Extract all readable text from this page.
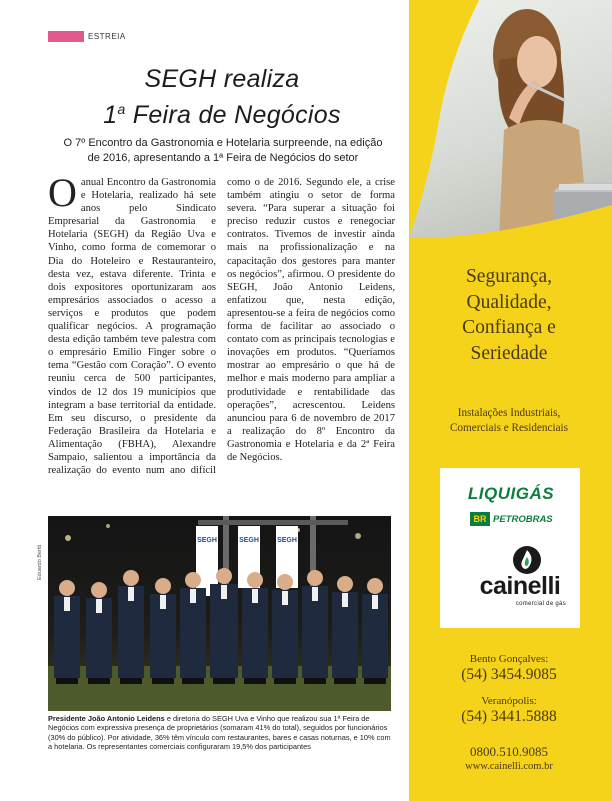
ESTREIA
SEGH realiza
1$^a$ Feira de Negócios

O 7º Encontro da Gastronomia e Hotelaria surpreende, na edição de 2016, apresentando a 1ª Feira de Negócios do setor

Oanual Encontro da Gastronomia e Hotelaria, realizado há sete anos pelo Sindicato Empresarial da Gastronomia e Hotelaria (SEGH) da Região Uva e Vinho, como forma de comemorar o Dia do Hoteleiro e Restauranteiro, desta vez, estava diferente. Trinta e dois expositores oportunizaram aos empresários associados o acesso a serviços e produtos que podem qualificar negócios. A programação desta edição também teve palestra com o empresário Emílio Finger sobre o tema “Gestão com Coração”. O evento reuniu cerca de 500 participantes, vindos de 12 dos 19 municípios que integram a base territorial da entidade. Em seu discurso, o presidente da Federação Brasileira da Hotelaria e Alimentação (FBHA), Alexandre Sampaio, salientou a importância da realização do evento num ano difícil como o de 2016. Segundo ele, a crise também atingiu o setor de forma severa. “Para superar a situação foi preciso reduzir custos e renegociar contratos. Tivemos de investir ainda mais na profissionalização e na capacitação dos gestores para manter os negócios”, afirmou. O presidente do SEGH, João Antonio Leidens, enfatizou que, nesta edição, apresentou-se a feira de negócios como forma de facilitar ao associado o contato com as principais tecnologias e inovações em produtos. “Queríamos mostrar ao empresário o que há de melhor e mais moderno para ampliar a produtividade e rentabilidade das operações”, acrescentou. Leidens anunciou para 6 de novembro de 2017 a realização do 8º Encontro da Gastronomia e Hotelaria e da 2ª Feira de Negócios.

Eduardo Bertti
SEGH	SEGH	SEGH

Presidente João Antonio Leidens e diretoria do SEGH Uva e Vinho que realizou sua 1ª Feira de Negócios com expressiva presença de proprietários (somaram 41% do total), seguidos por funcionários (30% do público). Por atividade, 36% têm vínculo com restaurantes, bares e casas noturnas, e 10% com a hotelaria. Os representantes comerciais configuraram 19,5% dos participantes

Segurança,
Qualidade,
Confiança e
Seriedade
Instalações Industriais,
Comerciais e Residenciais
LIQUIGÁS
BR PETROBRAS
cainelli
comercial de gás
Bento Gonçalves:
(54) 3454.9085
Veranópolis:
(54) 3441.5888
0800.510.9085
www.cainelli.com.br
